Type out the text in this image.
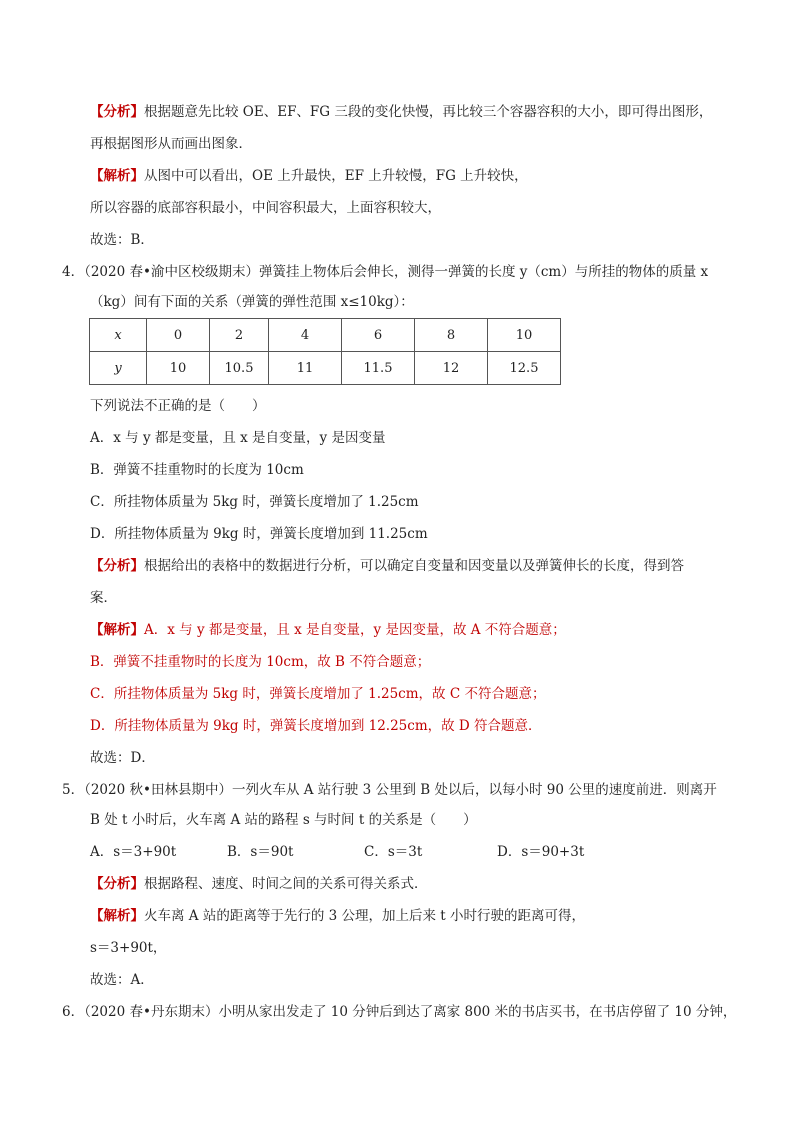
【分析】根据题意先比较 OE、EF、FG 三段的变化快慢，再比较三个容器容积的大小，即可得出图形，
再根据图形从而画出图象．
【解析】从图中可以看出，OE 上升最快，EF 上升较慢，FG 上升较快，
所以容器的底部容积最小，中间容积最大，上面容积较大，
故选：B．
4．（2020 春•渝中区校级期末）弹簧挂上物体后会伸长，测得一弹簧的长度 y（cm）与所挂的物体的质量 x
（kg）间有下面的关系（弹簧的弹性范围 x≤10kg）：
x	0	2	4	6	8	10
y	10	10.5	11	11.5	12	12.5
下列说法不正确的是（　　）
A．x 与 y 都是变量，且 x 是自变量，y 是因变量
B．弹簧不挂重物时的长度为 10cm
C．所挂物体质量为 5kg 时，弹簧长度增加了 1.25cm
D．所挂物体质量为 9kg 时，弹簧长度增加到 11.25cm
【分析】根据给出的表格中的数据进行分析，可以确定自变量和因变量以及弹簧伸长的长度，得到答
案．
【解析】A．x 与 y 都是变量，且 x 是自变量，y 是因变量，故 A 不符合题意；
B．弹簧不挂重物时的长度为 10cm，故 B 不符合题意；
C．所挂物体质量为 5kg 时，弹簧长度增加了 1.25cm，故 C 不符合题意；
D．所挂物体质量为 9kg 时，弹簧长度增加到 12.25cm，故 D 符合题意．
故选：D．
5．（2020 秋•田林县期中）一列火车从 A 站行驶 3 公里到 B 处以后，以每小时 90 公里的速度前进．则离开
B 处 t 小时后，火车离 A 站的路程 s 与时间 t 的关系是（　　）
A．s＝3+90t	B．s＝90t	C．s＝3t	D．s＝90+3t
【分析】根据路程、速度、时间之间的关系可得关系式．
【解析】火车离 A 站的距离等于先行的 3 公理，加上后来 t 小时行驶的距离可得，
s＝3+90t，
故选：A．
6．（2020 春•丹东期末）小明从家出发走了 10 分钟后到达了离家 800 米的书店买书，在书店停留了 10 分钟，
